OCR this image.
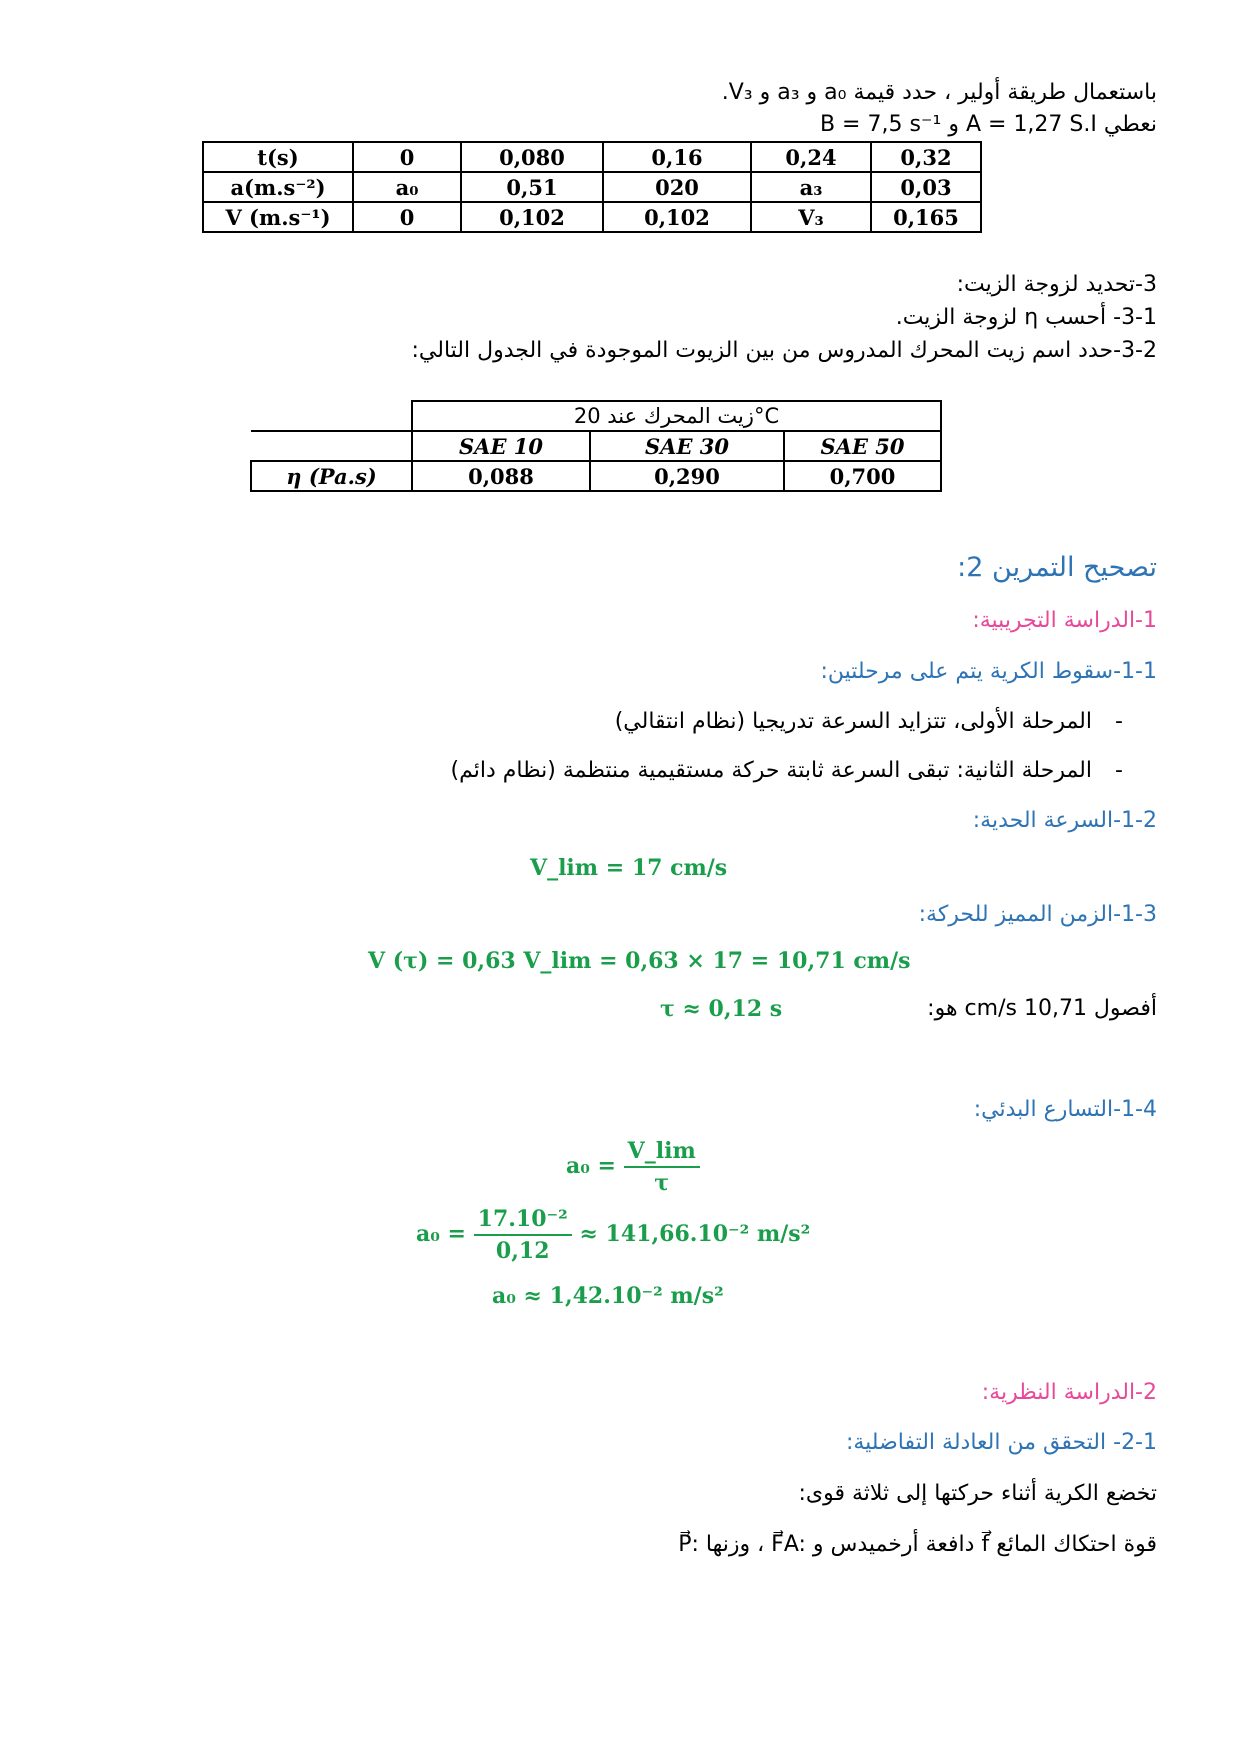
باستعمال طريقة أولير ، حدد قيمة a₀ و a₃ و V₃.
نعطي A = 1,27 S.I و B = 7,5 s⁻¹
t(s)	0	0,080	0,16	0,24	0,32
a(m.s⁻²)	a₀	0,51	020	a₃	0,03
V (m.s⁻¹)	0	0,102	0,102	V₃	0,165
3-تحديد لزوجة الزيت:
3-1- أحسب η لزوجة الزيت.
3-2-حدد اسم زيت المحرك المدروس من بين الزيوت الموجودة في الجدول التالي:
	زيت المحرك عند 20°C		
	SAE 10	SAE 30	SAE 50
η (Pa.s)	0,088	0,290	0,700
تصحيح التمرين 2:
1-الدراسة التجريبية:
1-1-سقوط الكرية يتم على مرحلتين:
المرحلة الأولى، تتزايد السرعة تدريجيا (نظام انتقالي) -
المرحلة الثانية: تبقى السرعة ثابتة حركة مستقيمية منتظمة (نظام دائم) -
1-2-السرعة الحدية:
V_lim = 17 cm/s
1-3-الزمن المميز للحركة:
V (τ) = 0,63 V_lim = 0,63 × 17 = 10,71 cm/s
أفصول 10,71 cm/s هو:
τ ≈ 0,12 s
1-4-التسارع البدئي:
$a_0 = \frac{V\_\lim}{\tau}$
$a_0 = \frac{\text{17.10⁻²}}{0,12} \approx 141,66.10^{-2}$ m/s²
a₀ ≈ 1,42.10⁻² m/s²
2-الدراسة النظرية:
2-1- التحقق من العادلة التفاضلية:
تخضع الكرية أثناء حركتها إلى ثلاثة قوى:
P⃗: وزنها ، F⃗A: دافعة أرخميدس و f⃗ قوة احتكاك المائع
